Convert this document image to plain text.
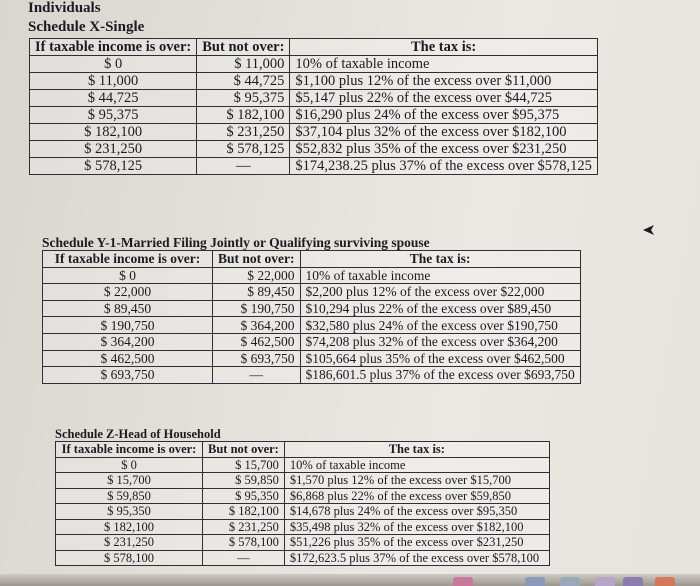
Individuals
Schedule X-Single
If taxable income is over:	But not over:	The tax is:
$ 0	$ 11,000	10% of taxable income
$ 11,000	$ 44,725	$1,100 plus 12% of the excess over $11,000
$ 44,725	$ 95,375	$5,147 plus 22% of the excess over $44,725
$ 95,375	$ 182,100	$16,290 plus 24% of the excess over $95,375
$ 182,100	$ 231,250	$37,104 plus 32% of the excess over $182,100
$ 231,250	$ 578,125	$52,832 plus 35% of the excess over $231,250
$ 578,125	—	$174,238.25 plus 37% of the excess over $578,125
Schedule Y-1-Married Filing Jointly or Qualifying surviving spouse
If taxable income is over:	But not over:	The tax is:
$ 0	$ 22,000	10% of taxable income
$ 22,000	$ 89,450	$2,200 plus 12% of the excess over $22,000
$ 89,450	$ 190,750	$10,294 plus 22% of the excess over $89,450
$ 190,750	$ 364,200	$32,580 plus 24% of the excess over $190,750
$ 364,200	$ 462,500	$74,208 plus 32% of the excess over $364,200
$ 462,500	$ 693,750	$105,664 plus 35% of the excess over $462,500
$ 693,750	—	$186,601.5 plus 37% of the excess over $693,750
Schedule Z-Head of Household
If taxable income is over:	But not over:	The tax is:
$ 0	$ 15,700	10% of taxable income
$ 15,700	$ 59,850	$1,570 plus 12% of the excess over $15,700
$ 59,850	$ 95,350	$6,868 plus 22% of the excess over $59,850
$ 95,350	$ 182,100	$14,678 plus 24% of the excess over $95,350
$ 182,100	$ 231,250	$35,498 plus 32% of the excess over $182,100
$ 231,250	$ 578,100	$51,226 plus 35% of the excess over $231,250
$ 578,100	—	$172,623.5 plus 37% of the excess over $578,100
